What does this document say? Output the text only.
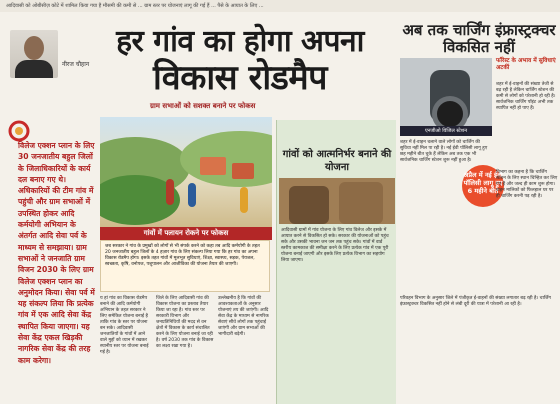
आदिवासी को ओबीसीज़ कोटे में शामिल किया गया है मौसमी की कमी से ... ग्राम स्तर पर योजनाएं लागू की गई हैं ... पैसे के आयात के लिए ...
नीरज चौहान
हर गांव का होगा अपना
विकास रोडमैप
ग्राम सभाओं को सशक्त बनाने पर फोकस
गांवों में पलायन रोकने पर फोकस
विलेज एक्शन प्लान के लिए 30 जनजातीय बहुल जिलों के जिलाधिकारियों के कार्य दल बनाए गए थे। अधिकारियों की टीम गांव में पहुंची और ग्राम सभाओं में उपस्थित होकर आदि कर्मयोगी अभियान के अंतर्गत आदि सेवा पर्व के माध्यम से समझाया। ग्राम सभाओं ने जनजाति ग्राम विजन 2030 के लिए ग्राम विलेज एक्शन प्लान का अनुमोदन किया। सेवा पर्व में यह संकल्प लिया कि प्रत्येक गांव में एक आदि सेवा केंद्र स्थापित किया जाएगा। यह सेवा केंद्र एकल खिड़की नागरिक सेवा केंद्र की तरह काम करेगा।
गांवों को आत्मनिर्भर बनाने की योजना
आदिवासी ग्रामों में गांव योजना के लिए गांव विलेज और इसके में आयात करने से विकसित हो सके। सरकार की योजनाओं को पहुंच सके और उसकी भावना जन जन तक पहुंच सके। गांवों में वार्ड स्तरीय कामकाज की समीक्षा करने के लिए प्रत्येक गांव में एक पूरी योजना बनाई जाएगी और इसके लिए प्रत्येक विभाग का सहयोग लिया जाएगा।
जब सरकार ने गांव के प्रमुखों को लोगों से भी संपर्क करने को कहा तब आदि कर्मयोगी के तहत 20 जनजातीय बहुल जिलों के 4 हज़ार गांव के लिए संकल्प लिया गया कि हर गांव का अपना विकास रोडमैप होगा। इसके तहत गांवों में मूलभूत सुविधाएं, शिक्षा, स्वास्थ्य, सड़क, पेयजल, स्वच्छता, कृषि, वनोपज, पशुपालन और आजीविका की योजना तैयार की जाएगी।
य हां गांव का विकास रोडमैप बनाने की आदि कर्मयोगी अभियान के तहत सरकार ने लिए समेकित योजना बनाई है ताकि गांव के स्तर पर योजना बन सके। आदिवासी जनजातियों के गांवों में आने वाले मुद्दों को ध्यान में रखकर स्थानीय स्तर पर योजना बनाई गई है।
जिले के लिए आदिवासी गांव की विकास योजना का प्रस्ताव तैयार किया जा रहा है। गांव स्तर पर सरकारी विभाग और जनप्रतिनिधियों की मदद से वन क्षेत्रों में विकास के कार्य संचालित करने के लिए योजना बनाई जा रही है। वर्ष 2030 तक गांव के विकास का लक्ष्य रखा गया है।
उल्लेखनीय है कि गांवों की आवश्यकताओं के अनुसार योजनाएं तय की जाएंगी। आदि सेवा केंद्र के माध्यम से नागरिक सेवाएं सीधे लोगों तक पहुंचाई जाएंगी और ग्राम सभाओं की भागीदारी बढ़ेगी।
अब तक चार्जिंग इंफ्रास्ट्रक्चर विकसित नहीं
एनजीओ विजिल स्टेशन
फॉरेस्ट के अभाव में सुविधाएं अटकीं
शहर में ई-वाहनों की संख्या तेजी से बढ़ रही है लेकिन चार्जिंग स्टेशन की कमी से लोगों को परेशानी हो रही है। सार्वजनिक चार्जिंग पॉइंट अभी तक स्थापित नहीं हो पाए हैं।
शहर में ई-वाहन चलाने वाले लोगों को चार्जिंग की सुविधा नहीं मिल पा रही है। नई ईवी पॉलिसी लागू हुए छह महीने बीत चुके हैं लेकिन अब तक एक भी सार्वजनिक चार्जिंग स्टेशन शुरू नहीं हुआ है।
अप्रैल में नई ईवी पॉलिसी लागू हुए 6 महीने बीते
विभाग का कहना है कि चार्जिंग स्टेशन के लिए स्थान चिन्हित कर लिए गए हैं और जल्द ही काम शुरू होगा। वाहन मालिकों को फिलहाल घर पर ही चार्जिंग करनी पड़ रही है।
परिवहन विभाग के अनुसार जिले में पंजीकृत ई-वाहनों की संख्या लगातार बढ़ रही है। चार्जिंग इंफ्रास्ट्रक्चर विकसित नहीं होने से लंबी दूरी की यात्रा में परेशानी आ रही है।
